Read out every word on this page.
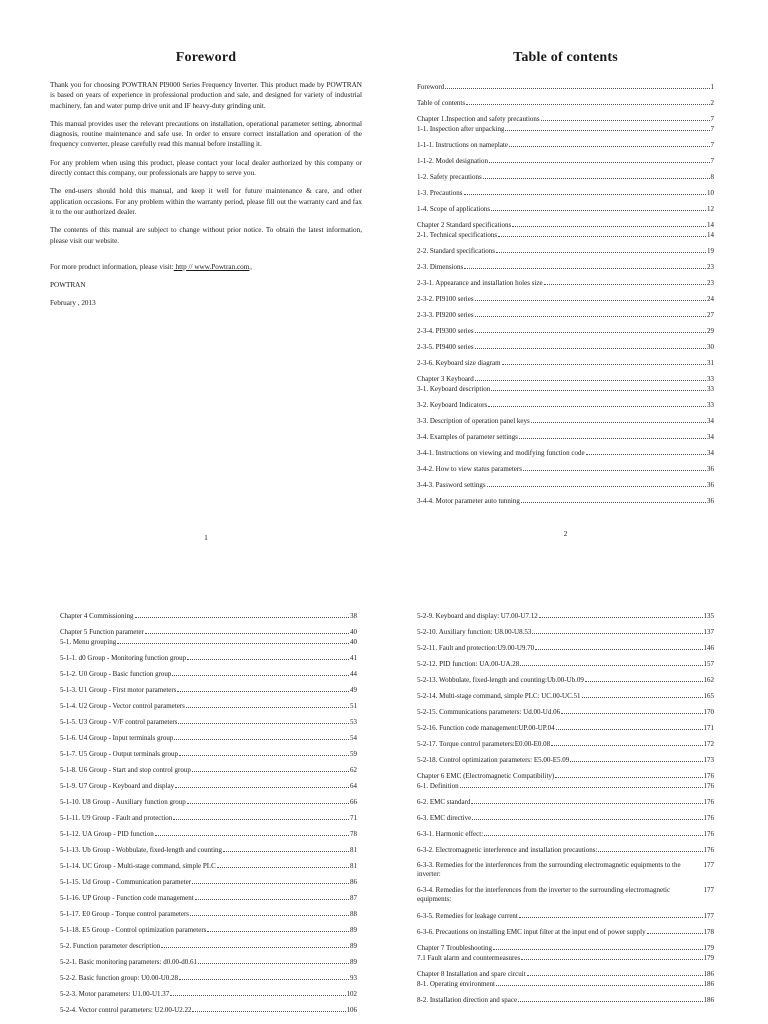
Foreword

Thank you for choosing POWTRAN PI9000 Series Frequency Inverter. This product made by POWTRAN is based on years of experience in professional production and sale, and designed for variety of industrial machinery, fan and water pump drive unit and IF heavy-duty grinding unit.

This manual provides user the relevant precautions on installation, operational parameter setting, abnormal diagnosis, routine maintenance and safe use. In order to ensure correct installation and operation of the frequency converter, please carefully read this manual before installing it.

For any problem when using this product, please contact your local dealer authorized by this company or directly contact this company, our professionals are happy to serve you.

The end-users should hold this manual, and keep it well for future maintenance & care, and other application occasions. For any problem within the warranty period, please fill out the warranty card and fax it to the our authorized dealer.

The contents of this manual are subject to change without prior notice. To obtain the latest information, please visit our website.

For more product information, please visit: http // www.Powtran.com。

POWTRAN

February , 2013

1
Table of contents
Foreword	1
Table of contents	2
Chapter 1.Inspection and safety precautions	7
1-1. Inspection after unpacking	7
1-1-1. Instructions on nameplate	7
1-1-2. Model designation	7
1-2. Safety precautions	8
1-3. Precautions	10
1-4. Scope of applications	12
Chapter 2 Standard specifications	14
2-1. Technical specifications	14
2-2. Standard specifications	19
2-3. Dimensions	23
2-3-1. Appearance and installation holes size	23
2-3-2. PI9100 series	24
2-3-3. PI9200 series	27
2-3-4. PI9300 series	29
2-3-5. PI9400 series	30
2-3-6. Keyboard size diagram	31
Chapter 3 Keyboard	33
3-1. Keyboard description	33
3-2. Keyboard Indicators	33
3-3. Description of operation panel keys	34
3-4. Examples of parameter settings	34
3-4-1. Instructions on viewing and modifying function code	34
3-4-2. How to view status parameters	36
3-4-3. Password settings	36
3-4-4. Motor parameter auto tunning	36
2
Chapter 4 Commissioning	38
Chapter 5 Function parameter	40
5-1. Menu grouping	40
5-1-1. d0 Group - Monitoring function group	41
5-1-2. U0 Group - Basic function group	44
5-1-3. U1 Group - First motor parameters	49
5-1-4. U2 Group - Vector control parameters	51
5-1-5. U3 Group - V/F control parameters	53
5-1-6. U4 Group - Input terminals group	54
5-1-7. U5 Group - Output terminals group	59
5-1-8. U6 Group - Start and stop control group	62
5-1-9. U7 Group - Keyboard and display	64
5-1-10. U8 Group - Auxiliary function group	66
5-1-11. U9 Group - Fault and protection	71
5-1-12. UA Group - PID function	78
5-1-13. Ub Group - Wobbulate, fixed-length and counting	81
5-1-14. UC Group - Multi-stage command, simple PLC	81
5-1-15. Ud Group - Communication parameter	86
5-1-16. UP Group - Function code management	87
5-1-17. E0 Group - Torque control parameters	88
5-1-18. E5 Group - Control optimization parameters	89
5-2. Function parameter description	89
5-2-1. Basic monitoring parameters: d0.00-d0.61	89
5-2-2. Basic function group: U0.00-U0.28	93
5-2-3. Motor parameters: U1.00-U1.37	102
5-2-4. Vector control parameters: U2.00-U2.22	106
5-2-9. Keyboard and display: U7.00-U7.12	135
5-2-10. Auxiliary function: U8.00-U8.53	137
5-2-11. Fault and protection:U9.00-U9.70	146
5-2-12. PID function: UA.00-UA.28	157
5-2-13. Wobbulate, fixed-length and counting:Ub.00-Ub.09	162
5-2-14. Multi-stage command, simple PLC: UC.00-UC.51	165
5-2-15. Communications parameters: Ud.00-Ud.06	170
5-2-16. Function code management:UP.00-UP.04	171
5-2-17. Torque control parameters:E0.00-E0.08	172
5-2-18. Control optimization parameters: E5.00-E5.09	173
Chapter 6 EMC (Electromagnetic Compatibility)	176
6-1. Definition	176
6-2. EMC standard	176
6-3. EMC directive	176
6-3-1. Harmonic effect:	176
6-3-2. Electromagnetic interference and installation precautions:	176
6-3-3. Remedies for the interferences from the surrounding electromagnetic equipments to the inverter:
177
6-3-4. Remedies for the interferences from the inverter to the surrounding electromagnetic equipments:
177
6-3-5. Remedies for leakage current	177
6-3-6. Precautions on installing EMC input filter at the input end of power supply	178
Chapter 7 Troubleshooting	179
7.1 Fault alarm and countermeasures	179
Chapter 8 Installation and spare circuit	186
8-1. Operating environment	186
8-2. Installation direction and space	186
